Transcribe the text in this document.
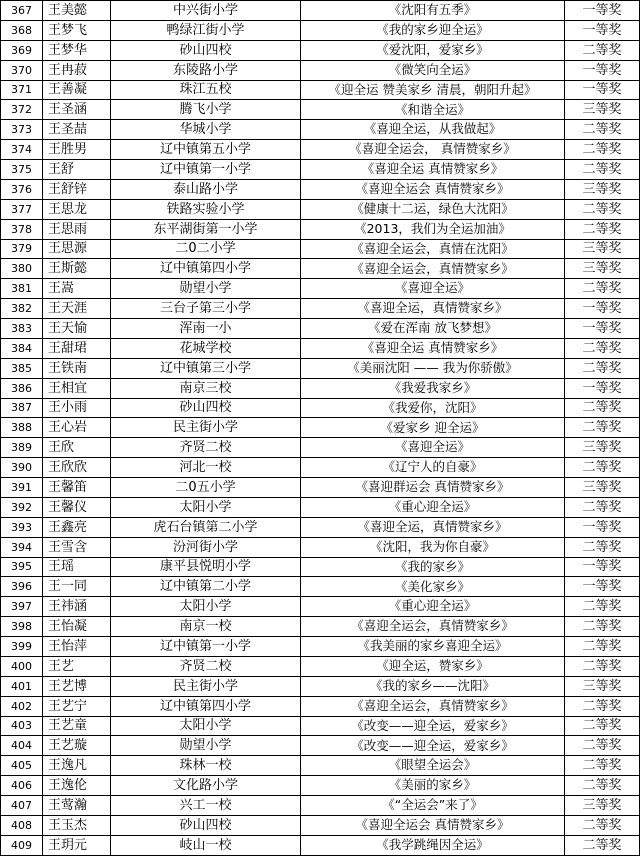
367	王美懿	中兴街小学	《沈阳有五季》	一等奖
368	王梦飞	鸭绿江街小学	《我的家乡迎全运》	一等奖
369	王梦华	砂山四校	《爱沈阳，爱家乡》	二等奖
370	王冉菽	东陵路小学	《微笑向全运》	一等奖
371	王善凝	珠江五校	《迎全运 赞美家乡 清晨，朝阳升起》	一等奖
372	王圣涵	腾飞小学	《和谐全运》	三等奖
373	王圣喆	华城小学	《喜迎全运，从我做起》	二等奖
374	王胜男	辽中镇第五小学	《喜迎全运会， 真情赞家乡》	二等奖
375	王舒	辽中镇第一小学	《喜迎全运 真情赞家乡》	二等奖
376	王舒锌	泰山路小学	《喜迎全运会 真情赞家乡》	三等奖
377	王思龙	铁路实验小学	《健康十二运，绿色大沈阳》	二等奖
378	王思雨	东平湖街第一小学	《2013，我们为全运加油》	二等奖
379	王思源	二0二小学	《喜迎全运会，真情在沈阳》	三等奖
380	王斯懿	辽中镇第四小学	《喜迎全运会，真情赞家乡》	三等奖
381	王嵩	勋望小学	《喜迎全运》	二等奖
382	王天涯	三台子第三小学	《喜迎全运，真情赞家乡》	一等奖
383	王天愉	浑南一小	《爱在浑南 放飞梦想》	一等奖
384	王甜珺	花城学校	《喜迎全运 真情赞家乡》	二等奖
385	王铁南	辽中镇第三小学	《美丽沈阳 —— 我为你骄傲》	二等奖
386	王相宜	南京三校	《我爱我家乡》	一等奖
387	王小雨	砂山四校	《我爱你，沈阳》	二等奖
388	王心岩	民主街小学	《爱家乡 迎全运》	二等奖
389	王欣	齐贤二校	《喜迎全运》	三等奖
390	王欣欣	河北一校	《辽宁人的自豪》	二等奖
391	王馨笛	二0五小学	《喜迎群运会 真情赞家乡》	三等奖
392	王馨仪	太阳小学	《重心迎全运》	二等奖
393	王鑫亮	虎石台镇第二小学	《喜迎全运，真情赞家乡》	一等奖
394	王雪含	汾河街小学	《沈阳，我为你自豪》	二等奖
395	王瑶	康平县悦明小学	《我的家乡》	一等奖
396	王一同	辽中镇第二小学	《美化家乡》	一等奖
397	王祎涵	太阳小学	《重心迎全运》	二等奖
398	王怡凝	南京一校	《喜迎全运会，真情赞家乡》	二等奖
399	王怡萍	辽中镇第一小学	《我美丽的家乡喜迎全运》	二等奖
400	王艺	齐贤二校	《迎全运，赞家乡》	二等奖
401	王艺博	民主街小学	《我的家乡——沈阳》	三等奖
402	王艺宁	辽中镇第四小学	《喜迎全运会，真情赞家乡》	二等奖
403	王艺童	太阳小学	《改变——迎全运，爱家乡》	二等奖
404	王艺璇	勋望小学	《改变——迎全运，爱家乡》	二等奖
405	王逸凡	珠林一校	《眼望全运会》	二等奖
406	王逸伦	文化路小学	《美丽的家乡》	二等奖
407	王莺瀚	兴工一校	《“全运会”来了》	三等奖
408	王玉杰	砂山四校	《喜迎全运会 真情赞家乡》	二等奖
409	王玥元	岐山一校	《我学跳绳因全运》	二等奖
